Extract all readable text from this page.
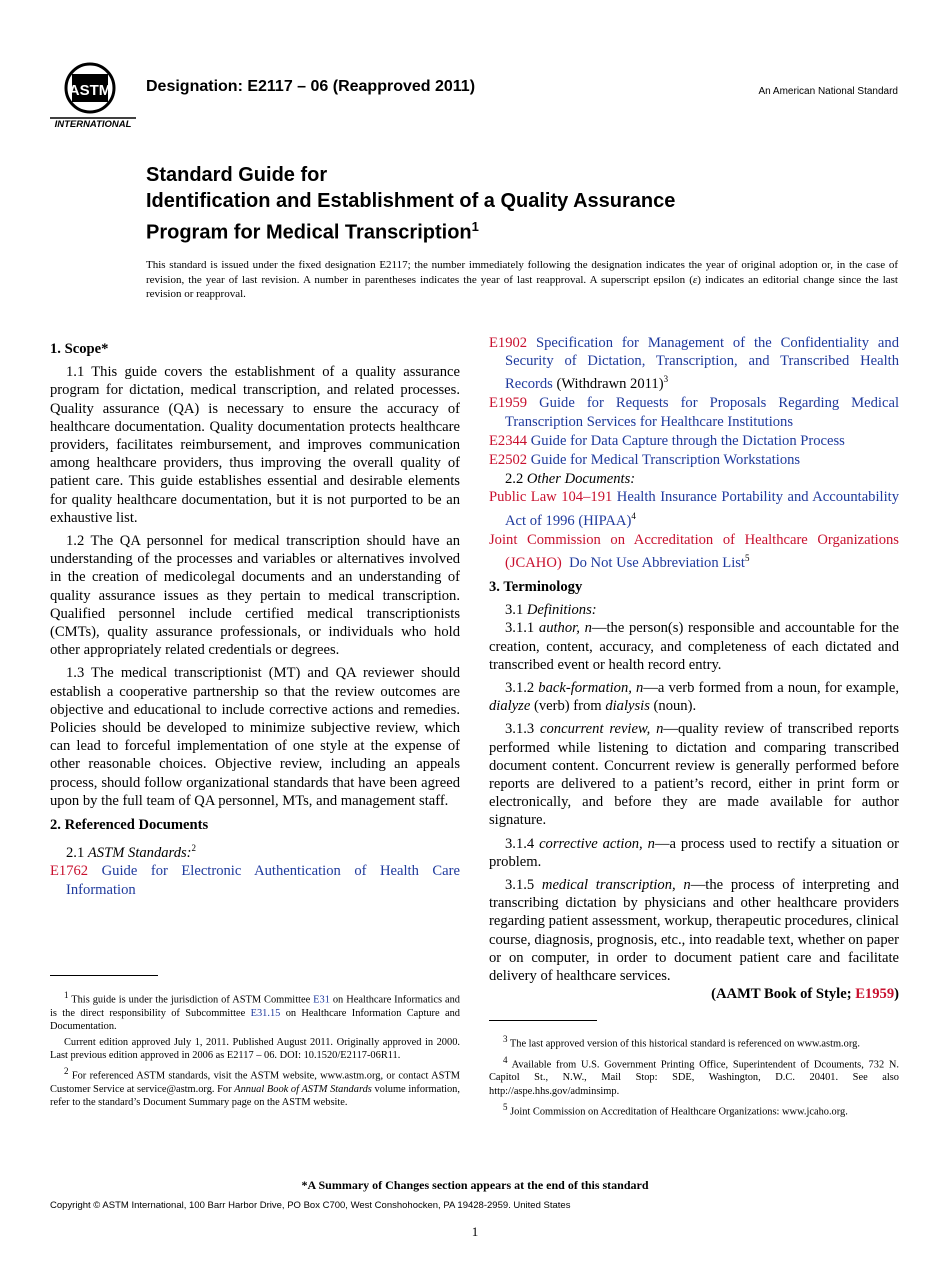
ASTM
INTERNATIONAL
Designation: E2117 – 06 (Reapproved 2011)	An American National Standard
Standard Guide for
Identification and Establishment of a Quality Assurance
Program for Medical Transcription$^1$
This standard is issued under the fixed designation E2117; the number immediately following the designation indicates the year of original adoption or, in the case of revision, the year of last revision. A number in parentheses indicates the year of last reapproval. A superscript epsilon (ε) indicates an editorial change since the last revision or reapproval.
1. Scope*

1.1 This guide covers the establishment of a quality assurance program for dictation, medical transcription, and related processes. Quality assurance (QA) is necessary to ensure the accuracy of healthcare documentation. Quality documentation protects healthcare providers, facilitates reimbursement, and improves communication among healthcare providers, thus improving the overall quality of patient care. This guide establishes essential and desirable elements for quality healthcare documentation, but it is not purported to be an exhaustive list.

1.2 The QA personnel for medical transcription should have an understanding of the processes and variables or alternatives involved in the creation of medicolegal documents and an understanding of quality assurance issues as they pertain to medical transcription. Qualified personnel include certified medical transcriptionists (CMTs), quality assurance professionals, or individuals who hold other appropriately related credentials or degrees.

1.3 The medical transcriptionist (MT) and QA reviewer should establish a cooperative partnership so that the review outcomes are objective and educational to include corrective actions and remedies. Policies should be developed to minimize subjective review, which can lead to forceful implementation of one style at the expense of other reasonable choices. Objective review, including an appeals process, should follow organizational standards that have been agreed upon by the full team of QA personnel, MTs, and management staff.

2. Referenced Documents
2.1 ASTM Standards:$^2$
E1762 Guide for Electronic Authentication of Health Care Information

$^1$ This guide is under the jurisdiction of ASTM Committee E31 on Healthcare Informatics and is the direct responsibility of Subcommittee E31.15 on Healthcare Information Capture and Documentation.

Current edition approved July 1, 2011. Published August 2011. Originally approved in 2000. Last previous edition approved in 2006 as E2117 – 06. DOI: 10.1520/E2117-06R11.

$^2$ For referenced ASTM standards, visit the ASTM website, www.astm.org, or contact ASTM Customer Service at service@astm.org. For Annual Book of ASTM Standards volume information, refer to the standard’s Document Summary page on the ASTM website.

E1902 Specification for Management of the Confidentiality and Security of Dictation, Transcription, and Transcribed Health Records (Withdrawn 2011)$^3$
E1959 Guide for Requests for Proposals Regarding Medical Transcription Services for Healthcare Institutions
E2344 Guide for Data Capture through the Dictation Process
E2502 Guide for Medical Transcription Workstations
2.2 Other Documents:
Public Law 104–191 Health Insurance Portability and Accountability Act of 1996 (HIPAA)$^4$
Joint Commission on Accreditation of Healthcare Organizations (JCAHO) Do Not Use Abbreviation List$^5$
3. Terminology
3.1 Definitions:

3.1.1 author, n—the person(s) responsible and accountable for the creation, content, accuracy, and completeness of each dictated and transcribed event or health record entry.

3.1.2 back-formation, n—a verb formed from a noun, for example, dialyze (verb) from dialysis (noun).

3.1.3 concurrent review, n—quality review of transcribed reports performed while listening to dictation and comparing transcribed document content. Concurrent review is generally performed before reports are delivered to a patient’s record, either in print form or electronically, and before they are made available for author signature.

3.1.4 corrective action, n—a process used to rectify a situation or problem.

3.1.5 medical transcription, n—the process of interpreting and transcribing dictation by physicians and other healthcare providers regarding patient assessment, workup, therapeutic procedures, clinical course, diagnosis, prognosis, etc., into readable text, whether on paper or on computer, in order to document patient care and facilitate delivery of healthcare services.

(AAMT Book of Style; E1959)

$^3$ The last approved version of this historical standard is referenced on www.astm.org.

$^4$ Available from U.S. Government Printing Office, Superintendent of Dcouments, 732 N. Capitol St., N.W., Mail Stop: SDE, Washington, D.C. 20401. See also http://aspe.hhs.gov/adminsimp.

$^5$ Joint Commission on Accreditation of Healthcare Organizations: www.jcaho.org.

*A Summary of Changes section appears at the end of this standard
Copyright © ASTM International, 100 Barr Harbor Drive, PO Box C700, West Conshohocken, PA 19428-2959. United States
1
